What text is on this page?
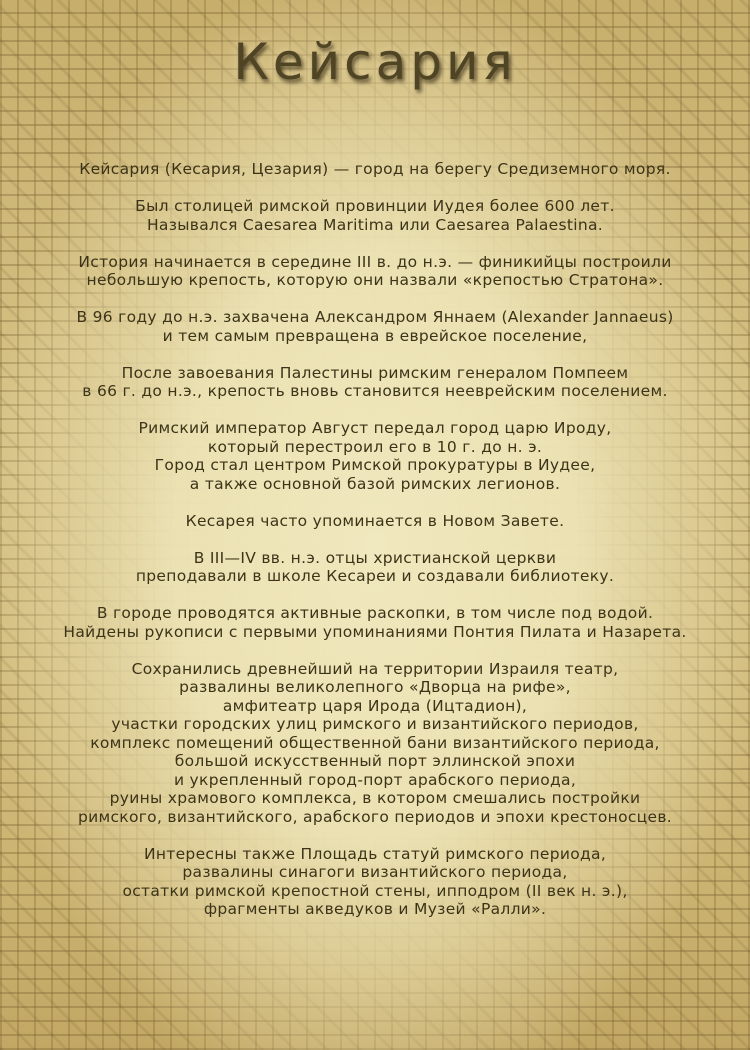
Кейсария

Кейсария (Кесария, Цезария) — город на берегу Средиземного моря.

Был столицей римской провинции Иудея более 600 лет.
Назывался Caesarea Maritima или Caesarea Palaestina.

История начинается в середине III в. до н.э. — финикийцы построили
небольшую крепость, которую они назвали «крепостью Стратона».

В 96 году до н.э. захвачена Александром Яннаем (Alexander Jannaeus)
и тем самым превращена в еврейское поселение,

После завоевания Палестины римским генералом Помпеем
в 66 г. до н.э., крепость вновь становится нееврейским поселением.

Римский император Август передал город царю Ироду,
который перестроил его в 10 г. до н. э.
Город стал центром Римской прокуратуры в Иудее,
а также основной базой римских легионов.

Кесарея часто упоминается в Новом Завете.

В III—IV вв. н.э. отцы христианской церкви
преподавали в школе Кесареи и создавали библиотеку.

В городе проводятся активные раскопки, в том числе под водой.
Найдены рукописи с первыми упоминаниями Понтия Пилата и Назарета.

Сохранились древнейший на территории Израиля театр,
развалины великолепного «Дворца на рифе»,
амфитеатр царя Ирода (Ицтадион),
участки городских улиц римского и византийского периодов,
комплекс помещений общественной бани византийского периода,
большой искусственный порт эллинской эпохи
и укрепленный город-порт арабского периода,
руины храмового комплекса, в котором смешались постройки
римского, византийского, арабского периодов и эпохи крестоносцев.

Интересны также Площадь статуй римского периода,
развалины синагоги византийского периода,
остатки римской крепостной стены, ипподром (II век н. э.),
фрагменты акведуков и Музей «Ралли».
